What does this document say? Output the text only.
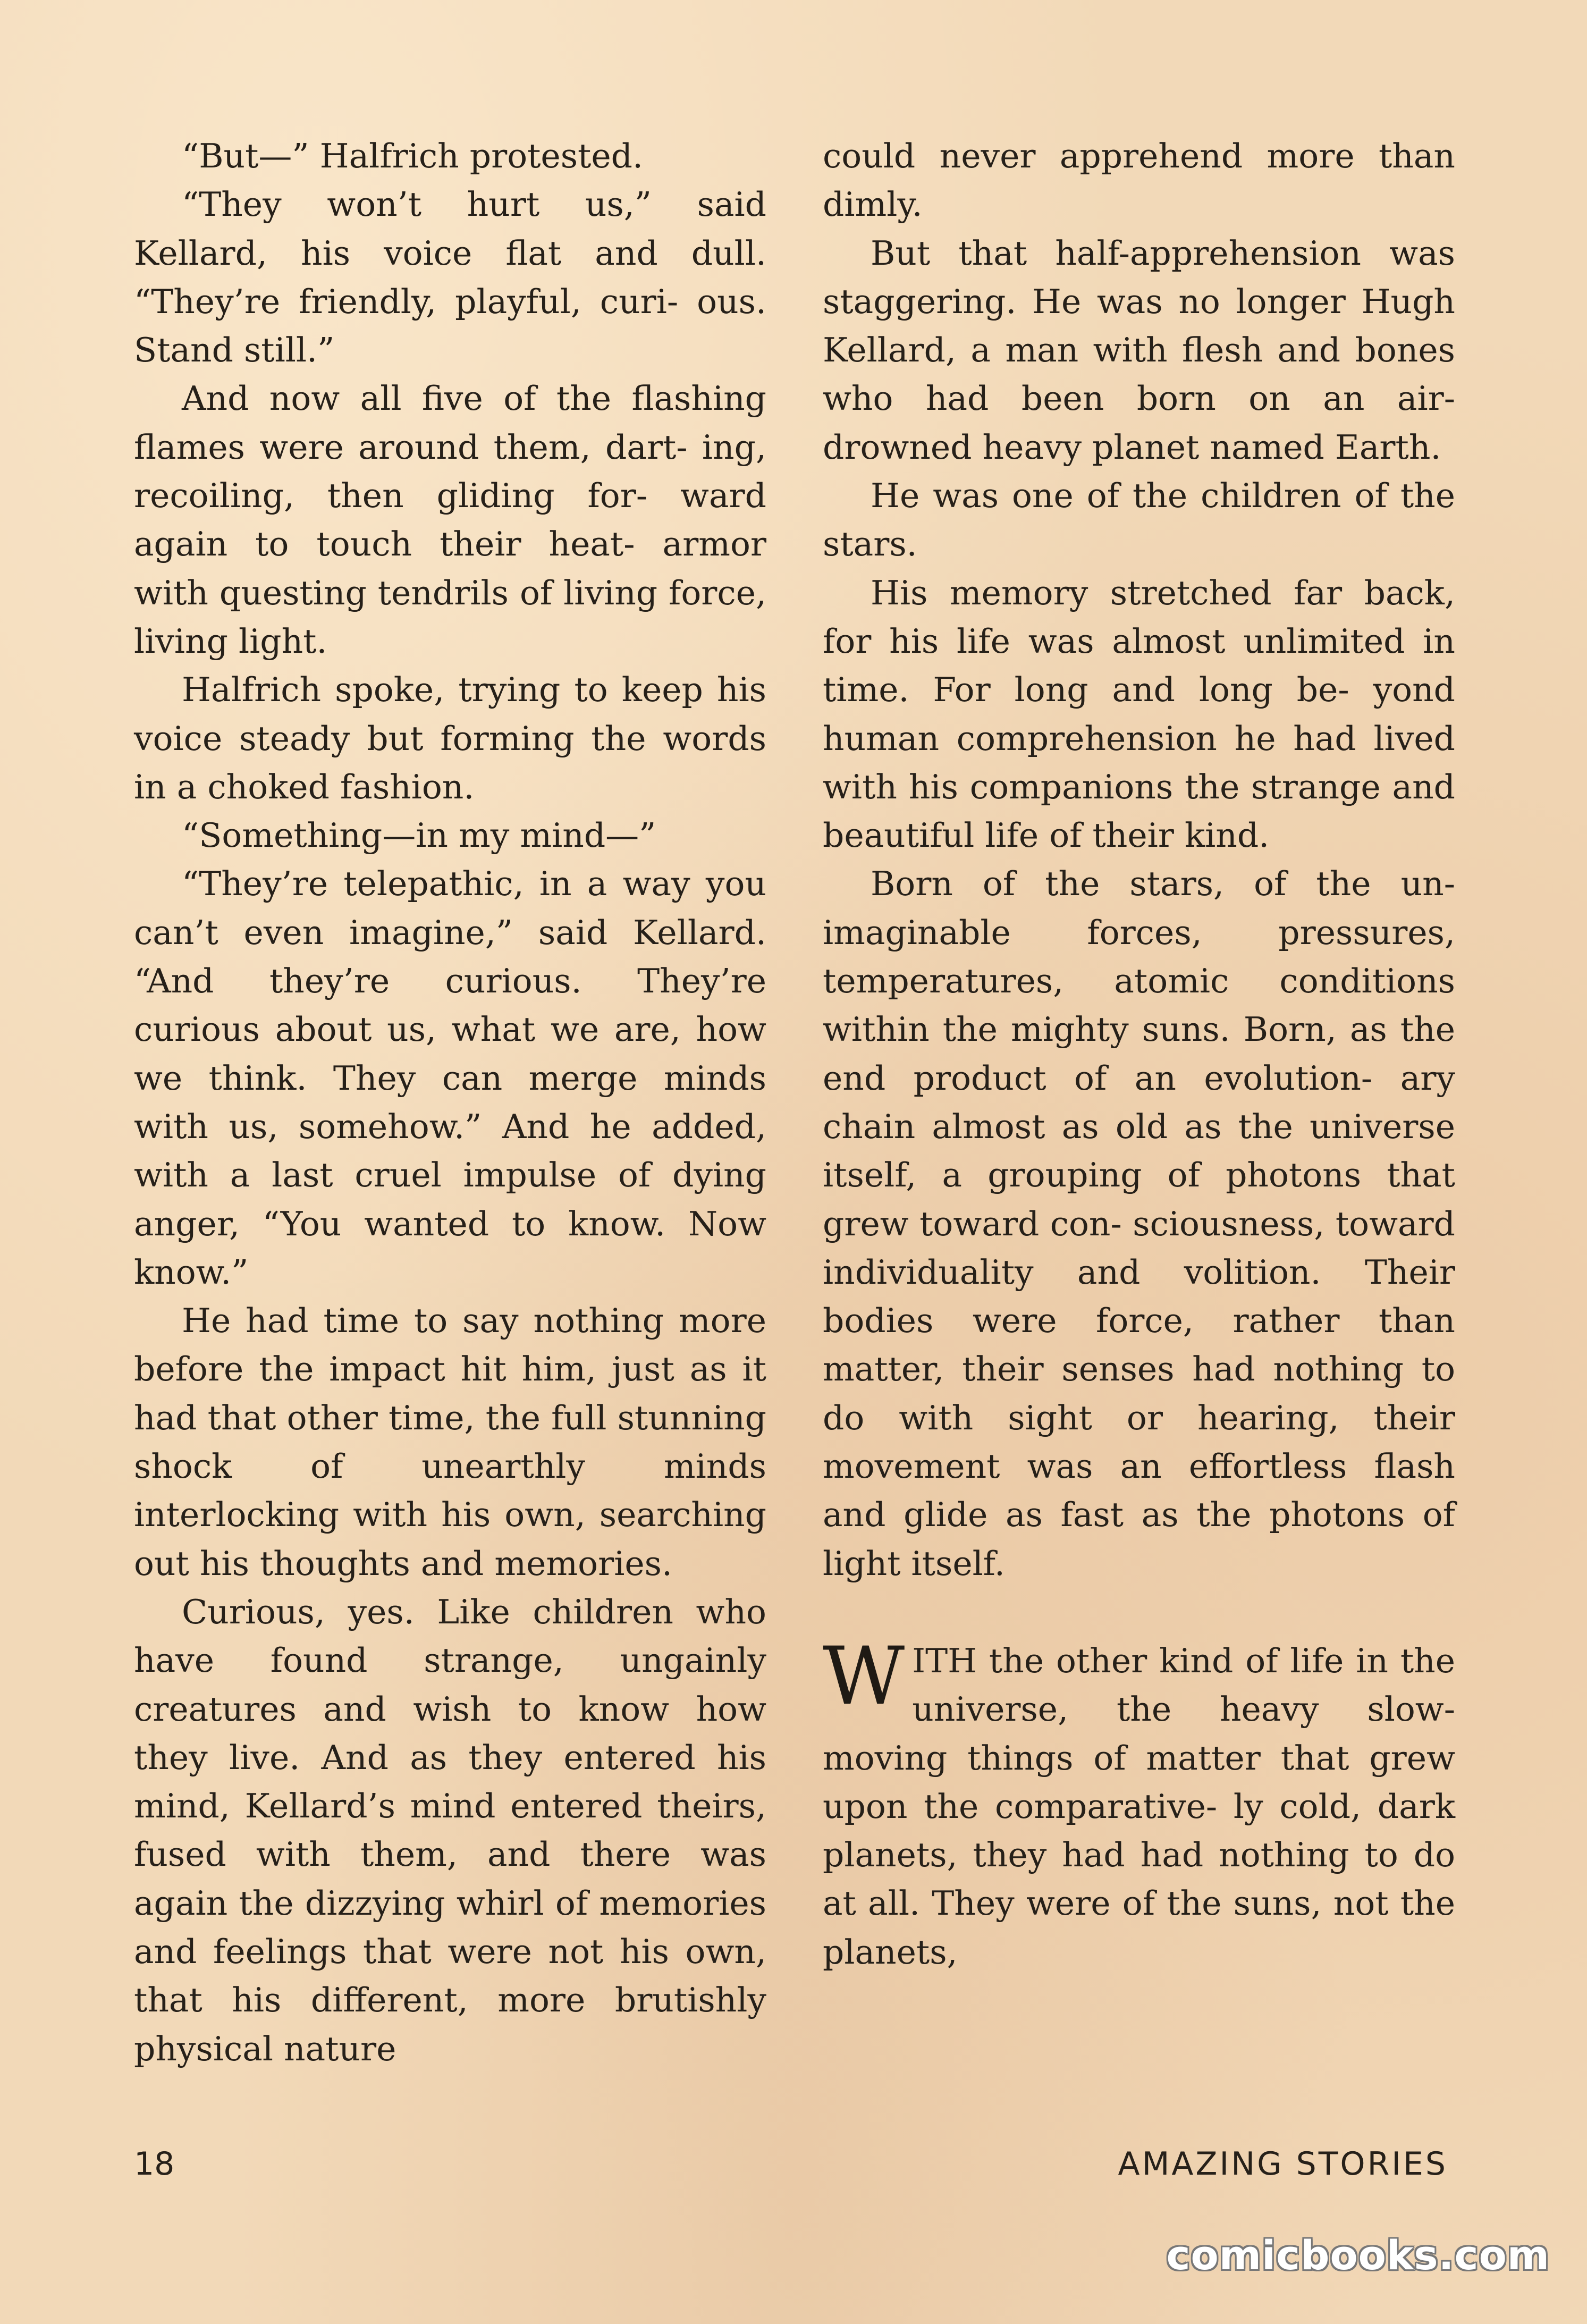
“But—” Halfrich protested.

“They won’t hurt us,” said Kellard, his voice flat and dull. “They’re friendly, playful, curi- ous. Stand still.”

And now all five of the flashing flames were around them, dart- ing, recoiling, then gliding for- ward again to touch their heat- armor with questing tendrils of living force, living light.

Halfrich spoke, trying to keep his voice steady but forming the words in a choked fashion.

“Something—in my mind—”

“They’re telepathic, in a way you can’t even imagine,” said Kellard. “And they’re curious. They’re curious about us, what we are, how we think. They can merge minds with us, somehow.” And he added, with a last cruel impulse of dying anger, “You wanted to know. Now know.”

He had time to say nothing more before the impact hit him, just as it had that other time, the full stunning shock of unearthly minds interlocking with his own, searching out his thoughts and memories.

Curious, yes. Like children who have found strange, ungainly creatures and wish to know how they live. And as they entered his mind, Kellard’s mind entered theirs, fused with them, and there was again the dizzying whirl of memories and feelings that were not his own, that his different, more brutishly physical nature

could never apprehend more than dimly.

But that half-apprehension was staggering. He was no longer Hugh Kellard, a man with flesh and bones who had been born on an air-drowned heavy planet named Earth.

He was one of the children of the stars.

His memory stretched far back, for his life was almost unlimited in time. For long and long be- yond human comprehension he had lived with his companions the strange and beautiful life of their kind.

Born of the stars, of the un- imaginable forces, pressures, temperatures, atomic conditions within the mighty suns. Born, as the end product of an evolution- ary chain almost as old as the universe itself, a grouping of photons that grew toward con- sciousness, toward individuality and volition. Their bodies were force, rather than matter, their senses had nothing to do with sight or hearing, their movement was an effortless flash and glide as fast as the photons of light itself.

WITH the other kind of life in the universe, the heavy slow-moving things of matter that grew upon the comparative- ly cold, dark planets, they had had nothing to do at all. They were of the suns, not the planets,

18	AMAZING STORIES
comicbooks.com
